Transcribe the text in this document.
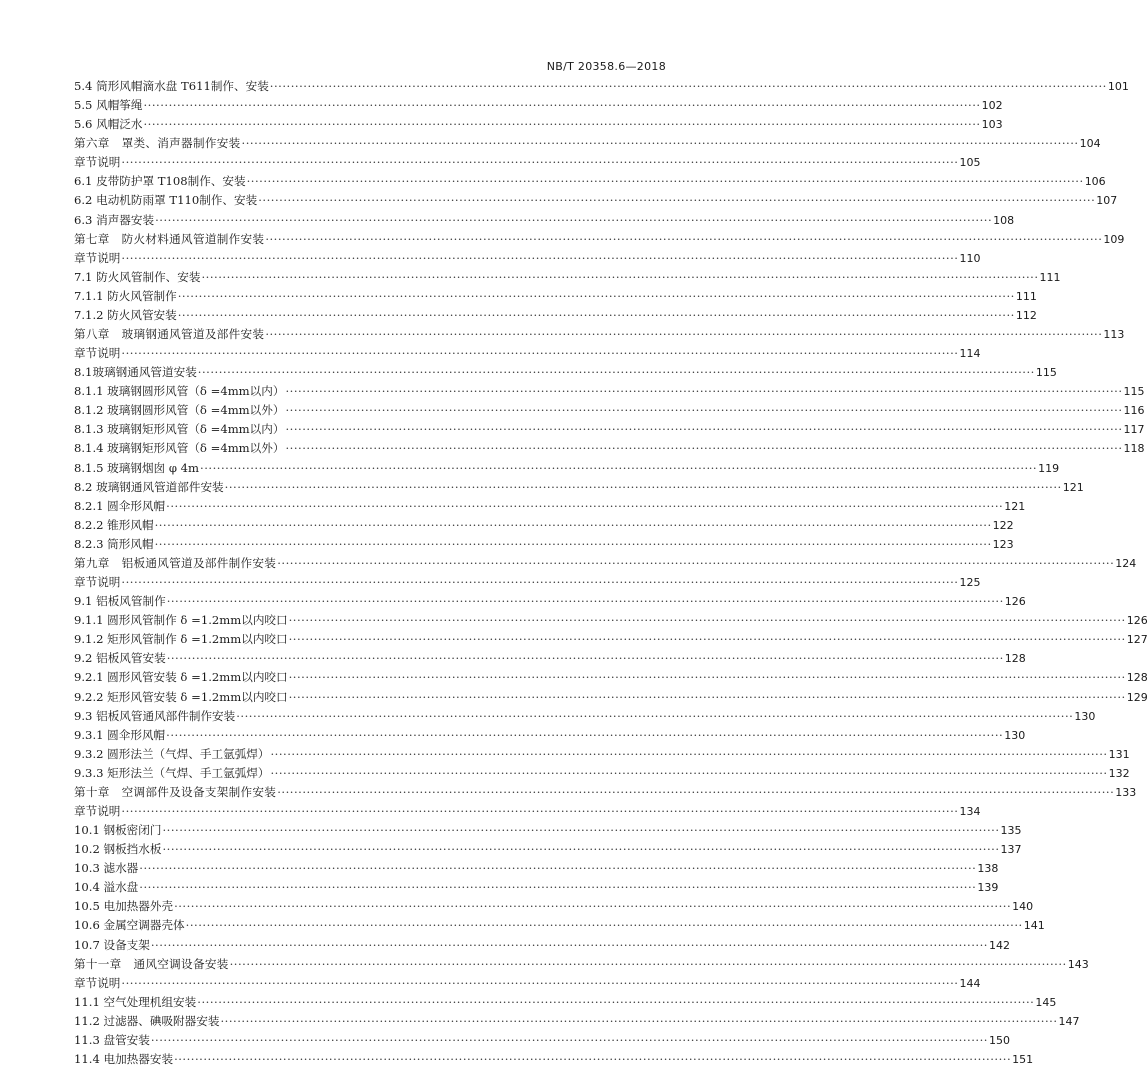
NB/T 20358.6—2018
5.4 筒形风帽滴水盘 T611制作、安装 ········································································································································································································ 101
5.5 风帽筝绳 ········································································································································································································ 102
5.6 风帽泛水 ········································································································································································································ 103
第六章　罩类、消声器制作安装 ········································································································································································································ 104
章节说明 ········································································································································································································ 105
6.1 皮带防护罩 T108制作、安装 ········································································································································································································ 106
6.2 电动机防雨罩 T110制作、安装 ········································································································································································································ 107
6.3 消声器安装 ········································································································································································································ 108
第七章　防火材料通风管道制作安装 ········································································································································································································ 109
章节说明 ········································································································································································································ 110
7.1 防火风管制作、安装 ········································································································································································································ 111
7.1.1 防火风管制作 ········································································································································································································ 111
7.1.2 防火风管安装 ········································································································································································································ 112
第八章　玻璃钢通风管道及部件安装 ········································································································································································································ 113
章节说明 ········································································································································································································ 114
8.1玻璃钢通风管道安装 ········································································································································································································ 115
8.1.1 玻璃钢圆形风管（δ =4mm以内） ········································································································································································································ 115
8.1.2 玻璃钢圆形风管（δ =4mm以外） ········································································································································································································ 116
8.1.3 玻璃钢矩形风管（δ =4mm以内） ········································································································································································································ 117
8.1.4 玻璃钢矩形风管（δ =4mm以外） ········································································································································································································ 118
8.1.5 玻璃钢烟囱 φ 4m ········································································································································································································ 119
8.2 玻璃钢通风管道部件安装 ········································································································································································································ 121
8.2.1 圆伞形风帽 ········································································································································································································ 121
8.2.2 锥形风帽 ········································································································································································································ 122
8.2.3 筒形风帽 ········································································································································································································ 123
第九章　铝板通风管道及部件制作安装 ········································································································································································································ 124
章节说明 ········································································································································································································ 125
9.1 铝板风管制作 ········································································································································································································ 126
9.1.1 圆形风管制作 δ =1.2mm以内咬口 ········································································································································································································ 126
9.1.2 矩形风管制作 δ =1.2mm以内咬口 ········································································································································································································ 127
9.2 铝板风管安装 ········································································································································································································ 128
9.2.1 圆形风管安装 δ =1.2mm以内咬口 ········································································································································································································ 128
9.2.2 矩形风管安装 δ =1.2mm以内咬口 ········································································································································································································ 129
9.3 铝板风管通风部件制作安装 ········································································································································································································ 130
9.3.1 圆伞形风帽 ········································································································································································································ 130
9.3.2 圆形法兰（气焊、手工氩弧焊） ········································································································································································································ 131
9.3.3 矩形法兰（气焊、手工氩弧焊） ········································································································································································································ 132
第十章　空调部件及设备支架制作安装 ········································································································································································································ 133
章节说明 ········································································································································································································ 134
10.1 钢板密闭门 ········································································································································································································ 135
10.2 钢板挡水板 ········································································································································································································ 137
10.3 滤水器 ········································································································································································································ 138
10.4 溢水盘 ········································································································································································································ 139
10.5 电加热器外壳 ········································································································································································································ 140
10.6 金属空调器壳体 ········································································································································································································ 141
10.7 设备支架 ········································································································································································································ 142
第十一章　通风空调设备安装 ········································································································································································································ 143
章节说明 ········································································································································································································ 144
11.1 空气处理机组安装 ········································································································································································································ 145
11.2 过滤器、碘吸附器安装 ········································································································································································································ 147
11.3 盘管安装 ········································································································································································································ 150
11.4 电加热器安装 ········································································································································································································ 151
